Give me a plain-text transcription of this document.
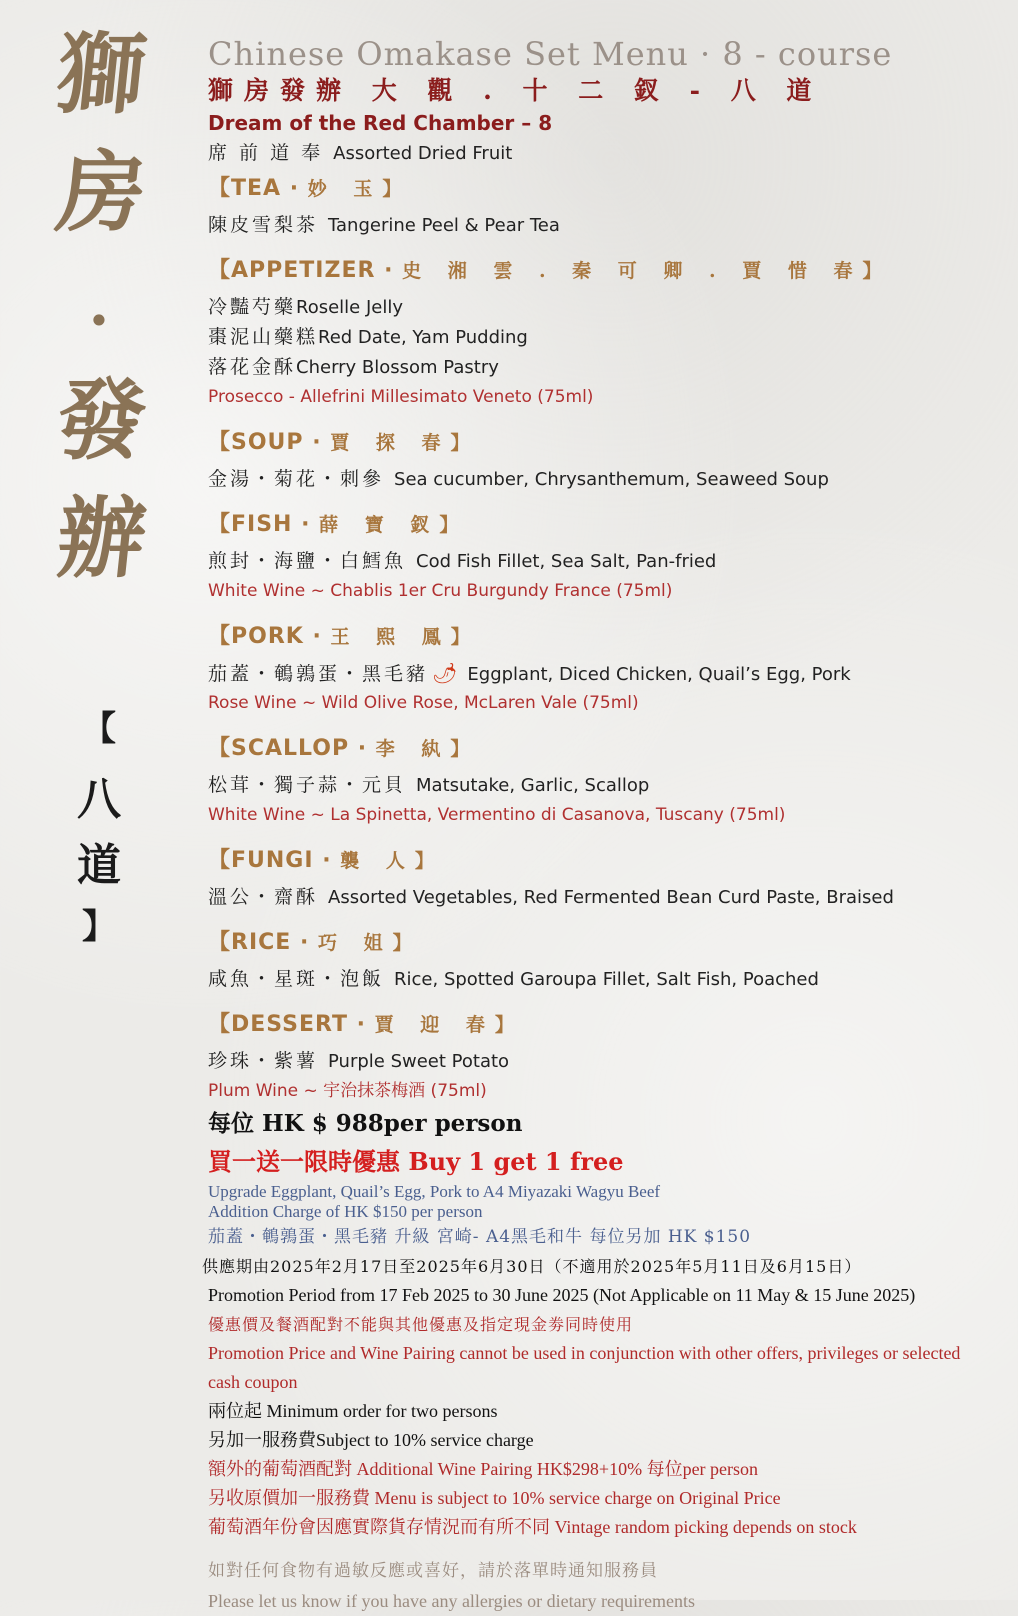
獅
房
·
發
辦
【
八
道
】
Chinese Omakase Set Menu · 8 - course
獅房發辦 大 觀 . 十 二 釵 - 八 道
Dream of the Red Chamber – 8
席 前 道 奉 Assorted Dried Fruit
【TEA · 妙 玉】
陳皮雪梨茶 Tangerine Peel & Pear Tea
【APPETIZER · 史 湘 雲 . 秦 可 卿 . 賈 惜 春】
冷豔芍藥Roselle Jelly
棗泥山藥糕Red Date, Yam Pudding
落花金酥Cherry Blossom Pastry
Prosecco - Allefrini Millesimato Veneto (75ml)
【SOUP · 賈 探 春】
金湯・菊花・刺參 Sea cucumber, Chrysanthemum, Seaweed Soup
【FISH · 薛 寶 釵】
煎封・海鹽・白鱈魚 Cod Fish Fillet, Sea Salt, Pan-fried
White Wine ~ Chablis 1er Cru Burgundy France (75ml)
【PORK · 王 熙 鳳】
茄蓋・鵪鶉蛋・黑毛豬 🌶 Eggplant, Diced Chicken, Quail’s Egg, Pork
Rose Wine ~ Wild Olive Rose, McLaren Vale (75ml)
【SCALLOP · 李 紈】
松茸・獨子蒜・元貝 Matsutake, Garlic, Scallop
White Wine ~ La Spinetta, Vermentino di Casanova, Tuscany (75ml)
【FUNGI · 襲 人】
溫公・齋酥 Assorted Vegetables, Red Fermented Bean Curd Paste, Braised
【RICE · 巧 姐】
咸魚・星斑・泡飯 Rice, Spotted Garoupa Fillet, Salt Fish, Poached
【DESSERT · 賈 迎 春】
珍珠・紫薯 Purple Sweet Potato
Plum Wine ~ 宇治抹茶梅酒 (75ml)
每位 HK $ 988per person
買一送一限時優惠 Buy 1 get 1 free
Upgrade Eggplant, Quail’s Egg, Pork to A4 Miyazaki Wagyu Beef
Addition Charge of HK $150 per person
茄蓋・鵪鶉蛋・黑毛豬 升級 宮崎- A4黑毛和牛 每位另加 HK $150
供應期由2025年2月17日至2025年6月30日（不適用於2025年5月11日及6月15日）
Promotion Period from 17 Feb 2025 to 30 June 2025 (Not Applicable on 11 May & 15 June 2025)
優惠價及餐酒配對不能與其他優惠及指定現金劵同時使用
Promotion Price and Wine Pairing cannot be used in conjunction with other offers, privileges or selected cash coupon
兩位起 Minimum order for two persons
另加一服務費Subject to 10% service charge
額外的葡萄酒配對 Additional Wine Pairing HK$298+10% 每位per person
另收原價加一服務費 Menu is subject to 10% service charge on Original Price
葡萄酒年份會因應實際貨存情況而有所不同 Vintage random picking depends on stock
如對任何食物有過敏反應或喜好，請於落單時通知服務員
Please let us know if you have any allergies or dietary requirements
